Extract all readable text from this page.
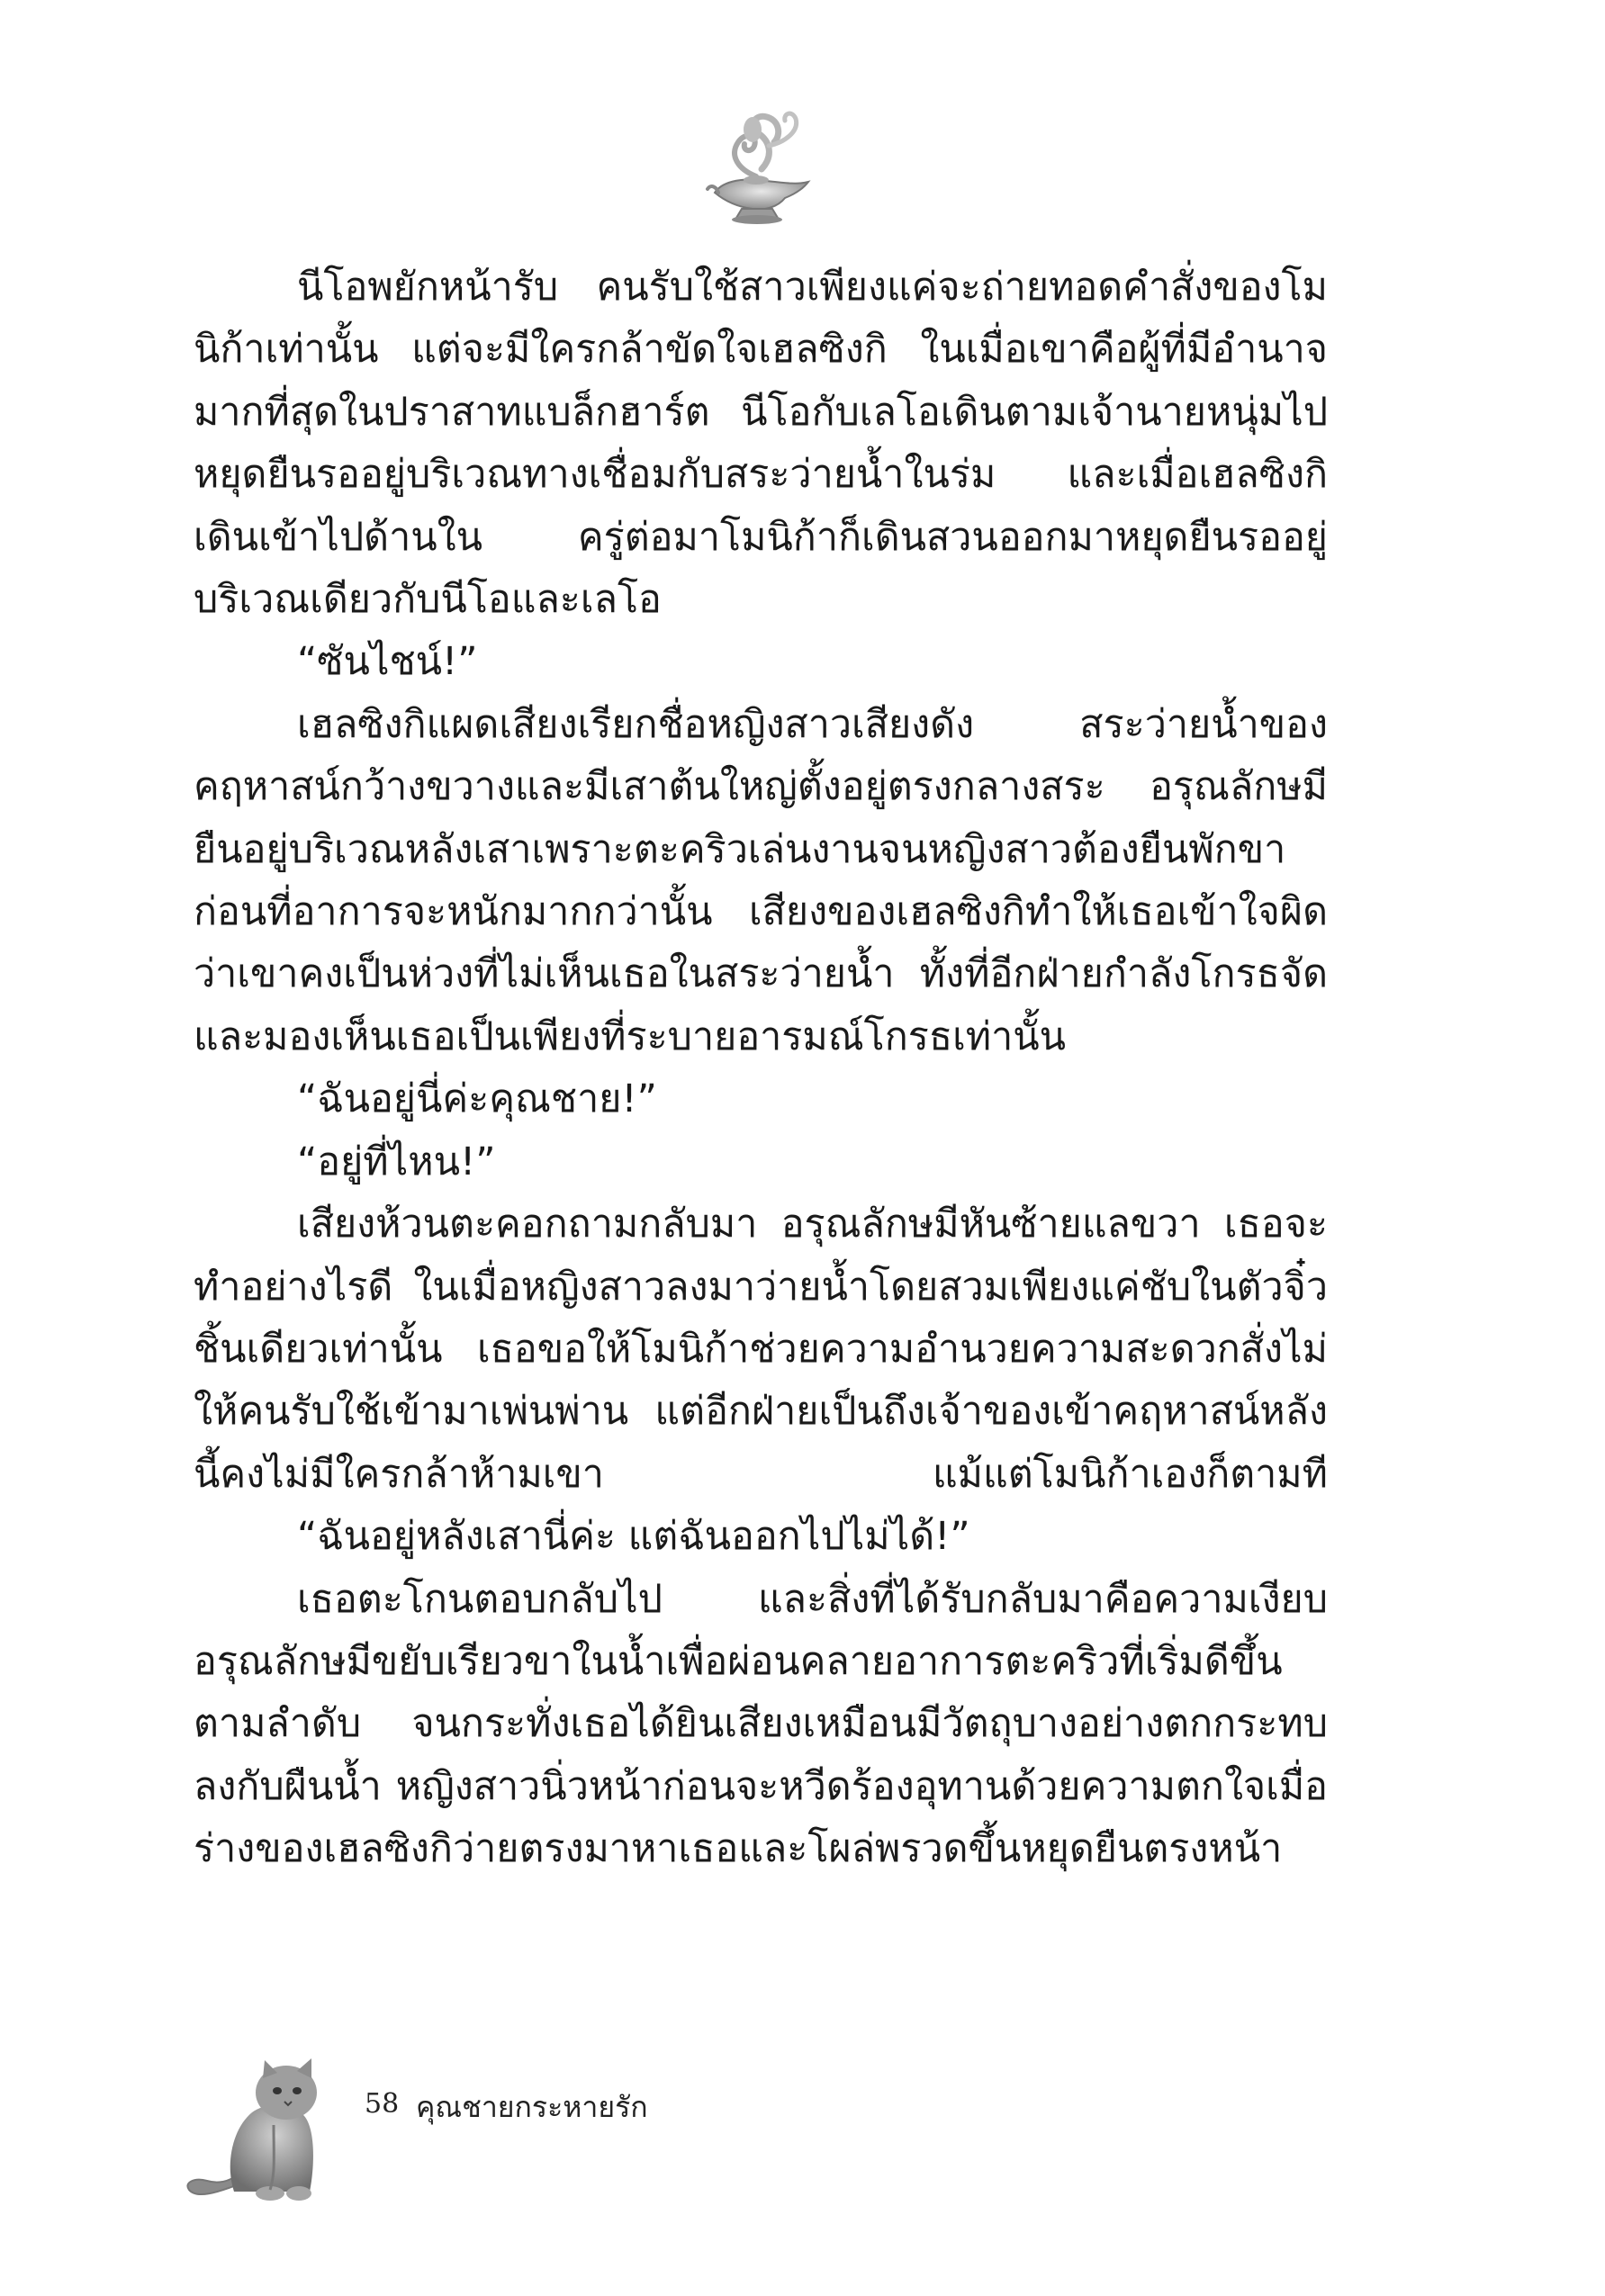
นีโอพยักหน้ารับ คนรับใช้สาวเพียงแค่จะถ่ายทอดคำสั่งของโมนิก้าเท่านั้น แต่จะมีใครกล้าขัดใจเฮลซิงกิ ในเมื่อเขาคือผู้ที่มีอำนาจมากที่สุดในปราสาทแบล็กฮาร์ต นีโอกับเลโอเดินตามเจ้านายหนุ่มไปหยุดยืนรออยู่บริเวณทางเชื่อมกับสระว่ายน้ำในร่ม และเมื่อเฮลซิงกิเดินเข้าไปด้านใน ครู่ต่อมาโมนิก้าก็เดินสวนออกมาหยุดยืนรออยู่บริเวณเดียวกับนีโอและเลโอ

“ซันไชน์!”

เฮลซิงกิแผดเสียงเรียกชื่อหญิงสาวเสียงดัง สระว่ายน้ำของคฤหาสน์กว้างขวางและมีเสาต้นใหญ่ตั้งอยู่ตรงกลางสระ อรุณลักษมียืนอยู่บริเวณหลังเสาเพราะตะคริวเล่นงานจนหญิงสาวต้องยืนพักขาก่อนที่อาการจะหนักมากกว่านั้น เสียงของเฮลซิงกิทำให้เธอเข้าใจผิดว่าเขาคงเป็นห่วงที่ไม่เห็นเธอในสระว่ายน้ำ ทั้งที่อีกฝ่ายกำลังโกรธจัดและมองเห็นเธอเป็นเพียงที่ระบายอารมณ์โกรธเท่านั้น

“ฉันอยู่นี่ค่ะคุณชาย!”

“อยู่ที่ไหน!”

เสียงห้วนตะคอกถามกลับมา อรุณลักษมีหันซ้ายแลขวา เธอจะทำอย่างไรดี ในเมื่อหญิงสาวลงมาว่ายน้ำโดยสวมเพียงแค่ชับในตัวจิ๋วชิ้นเดียวเท่านั้น เธอขอให้โมนิก้าช่วยความอำนวยความสะดวกสั่งไม่ให้คนรับใช้เข้ามาเพ่นพ่าน แต่อีกฝ่ายเป็นถึงเจ้าของเข้าคฤหาสน์หลังนี้คงไม่มีใครกล้าห้ามเขา แม้แต่โมนิก้าเองก็ตามที

“ฉันอยู่หลังเสานี่ค่ะ แต่ฉันออกไปไม่ได้!”

เธอตะโกนตอบกลับไป และสิ่งที่ได้รับกลับมาคือความเงียบ อรุณลักษมีขยับเรียวขาในน้ำเพื่อผ่อนคลายอาการตะคริวที่เริ่มดีขึ้นตามลำดับ จนกระทั่งเธอได้ยินเสียงเหมือนมีวัตถุบางอย่างตกกระทบลงกับผืนน้ำ หญิงสาวนิ่วหน้าก่อนจะหวีดร้องอุทานด้วยความตกใจเมื่อร่างของเฮลซิงกิว่ายตรงมาหาเธอและโผล่พรวดขึ้นหยุดยืนตรงหน้า

58 คุณชายกระหายรัก
